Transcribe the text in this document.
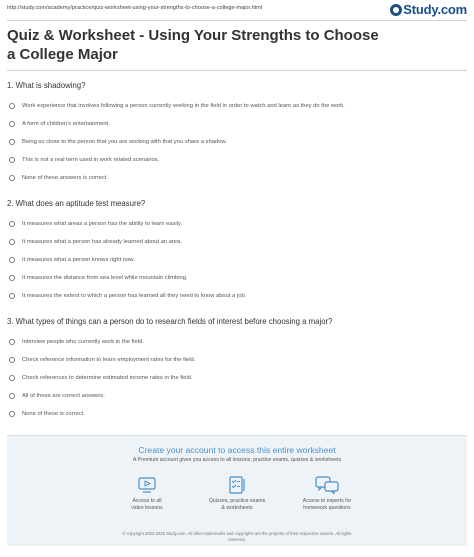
http://study.com/academy/practice/quiz-worksheet-using-your-strengths-to-choose-a-college-major.html	Study.com
Quiz & Worksheet - Using Your Strengths to Choose a College Major
1. What is shadowing?
Work experience that involves following a person currently working in the field in order to watch and learn as they do the work.
A form of children's entertainment.
Being so close to the person that you are working with that you share a shadow.
This is not a real term used in work related scenarios.
None of these answers is correct.
2. What does an aptitude test measure?
It measures what areas a person has the ability to learn easily.
It measures what a person has already learned about an area.
It measures what a person knows right now.
It measures the distance from sea level while mountain climbing.
It measures the extent to which a person has learned all they need to know about a job.
3. What types of things can a person do to research fields of interest before choosing a major?
Interview people who currently work in the field.
Check reference information to learn employment rates for the field.
Check references to determine estimated income rates in the field.
All of these are correct answers.
None of these is correct.
Create your account to access this entire worksheet
A Premium account gives you access to all lessons, practice exams, quizzes & worksheets
Access to all
video lessons
Quizzes, practice exams
& worksheets
Access to experts for
homework questions
© copyright 2003-2020 Study.com. All other trademarks and copyrights are the property of their respective owners. All rights
reserved.
